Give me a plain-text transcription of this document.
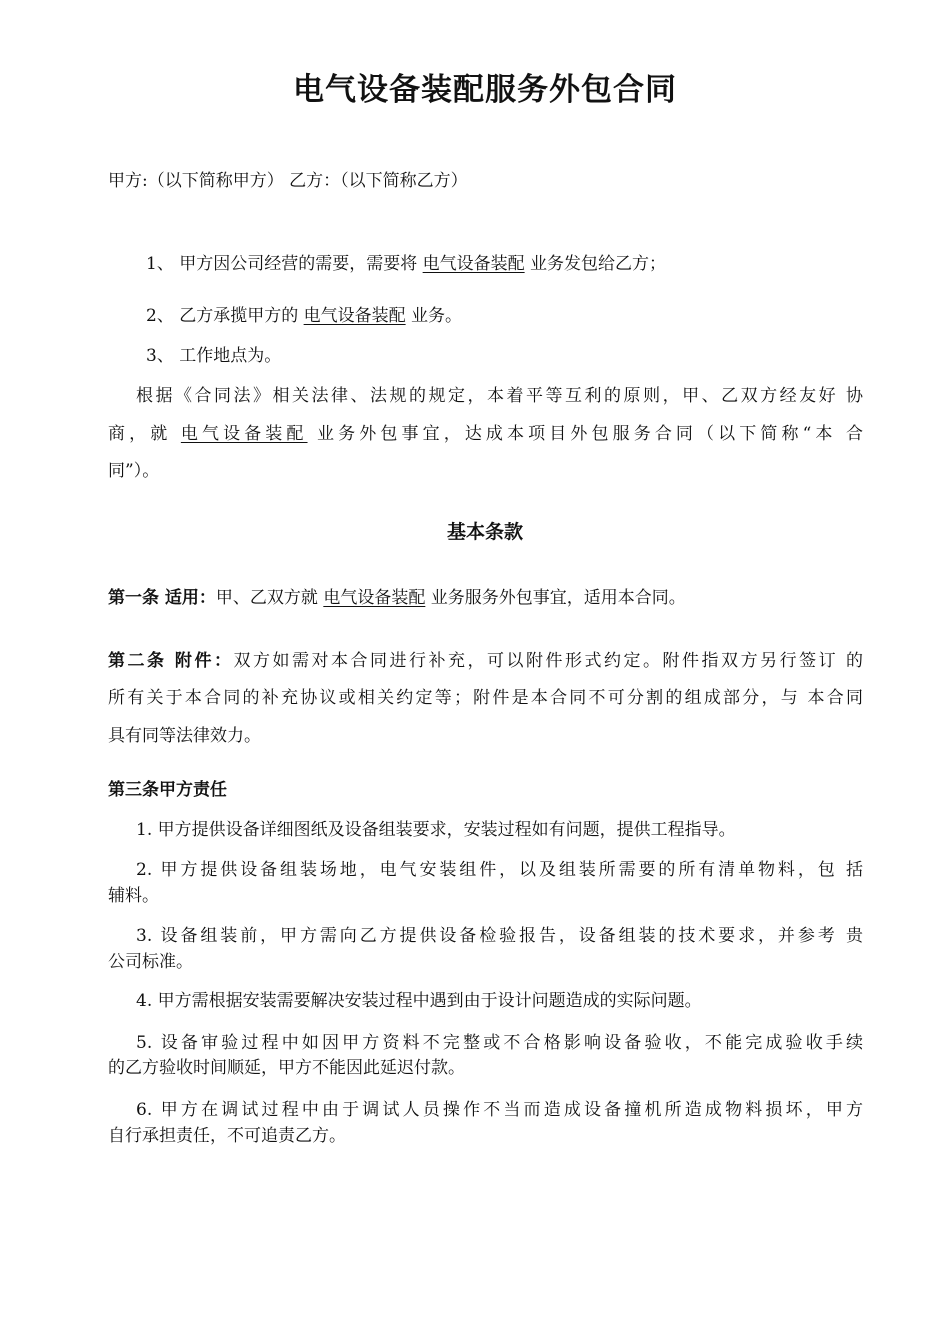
电气设备装配服务外包合同
甲方:（以下简称甲方） 乙方：（以下简称乙方）
1、 甲方因公司经营的需要，需要将 电气设备装配 业务发包给乙方；
2、 乙方承揽甲方的 电气设备装配 业务。
3、 工作地点为。
根据《合同法》相关法律、法规的规定，本着平等互利的原则，甲、乙双方经友好 协
商，就 电气设备装配 业务外包事宜，达成本项目外包服务合同（以下简称“本 合
同”）。
基本条款
第一条 适用：甲、乙双方就 电气设备装配 业务服务外包事宜，适用本合同。
第二条 附件：双方如需对本合同进行补充，可以附件形式约定。附件指双方另行签订 的
所有关于本合同的补充协议或相关约定等；附件是本合同不可分割的组成部分，与 本合同
具有同等法律效力。
第三条甲方责任
1. 甲方提供设备详细图纸及设备组装要求，安装过程如有问题，提供工程指导。
2. 甲方提供设备组装场地，电气安装组件，以及组装所需要的所有清单物料，包 括
辅料。
3. 设备组装前，甲方需向乙方提供设备检验报告，设备组装的技术要求，并参考 贵
公司标准。
4. 甲方需根据安装需要解决安装过程中遇到由于设计问题造成的实际问题。
5. 设备审验过程中如因甲方资料不完整或不合格影响设备验收，不能完成验收手续
的乙方验收时间顺延，甲方不能因此延迟付款。
6. 甲方在调试过程中由于调试人员操作不当而造成设备撞机所造成物料损坏，甲方
自行承担责任，不可追责乙方。
